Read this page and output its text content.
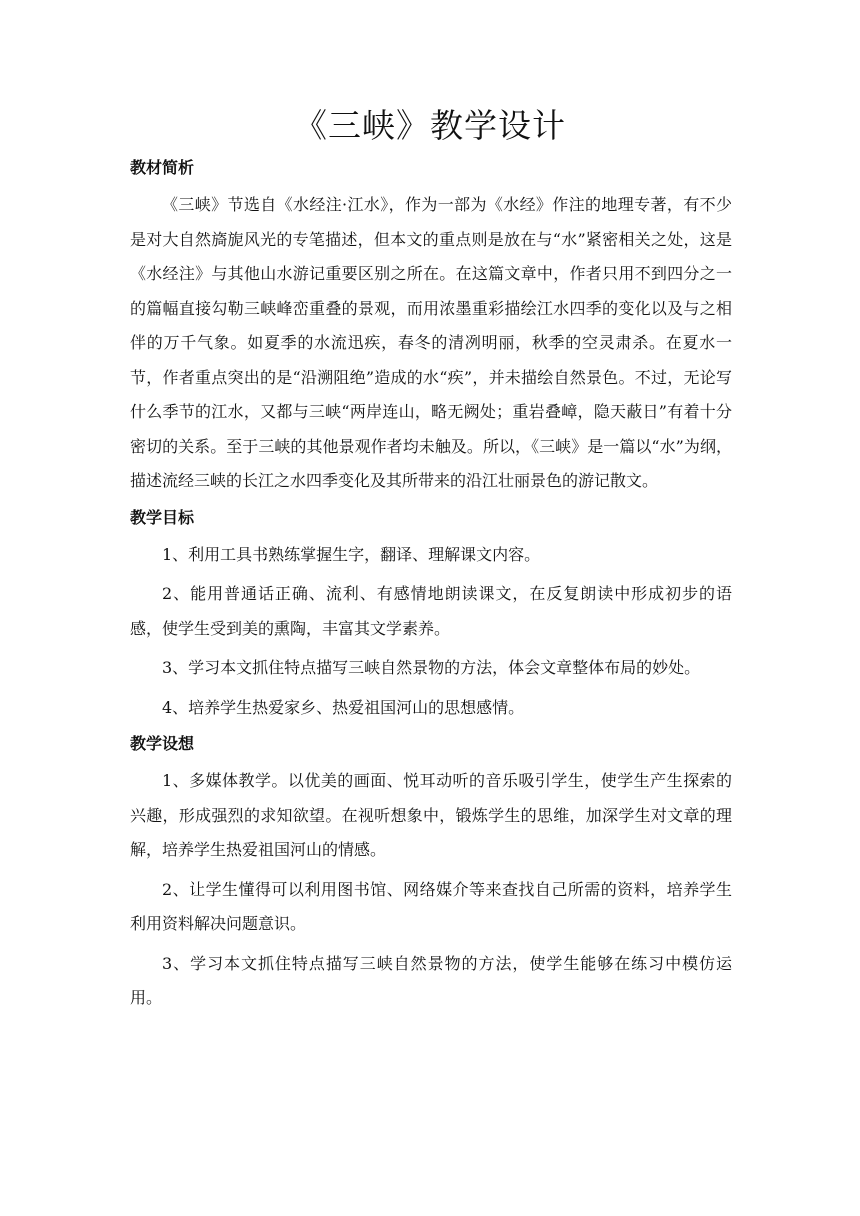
《三峡》教学设计
教材简析

《三峡》节选自《水经注·江水》，作为一部为《水经》作注的地理专著，有不少是对大自然旖旎风光的专笔描述，但本文的重点则是放在与“水”紧密相关之处，这是《水经注》与其他山水游记重要区别之所在。在这篇文章中，作者只用不到四分之一的篇幅直接勾勒三峡峰峦重叠的景观，而用浓墨重彩描绘江水四季的变化以及与之相伴的万千气象。如夏季的水流迅疾，春冬的清冽明丽，秋季的空灵肃杀。在夏水一节，作者重点突出的是“沿溯阻绝”造成的水“疾”，并未描绘自然景色。不过，无论写什么季节的江水，又都与三峡“两岸连山，略无阙处；重岩叠嶂，隐天蔽日”有着十分密切的关系。至于三峡的其他景观作者均未触及。所以，《三峡》是一篇以“水”为纲，描述流经三峡的长江之水四季变化及其所带来的沿江壮丽景色的游记散文。

教学目标

1、利用工具书熟练掌握生字，翻译、理解课文内容。

2、能用普通话正确、流利、有感情地朗读课文，在反复朗读中形成初步的语感，使学生受到美的熏陶，丰富其文学素养。

3、学习本文抓住特点描写三峡自然景物的方法，体会文章整体布局的妙处。

4、培养学生热爱家乡、热爱祖国河山的思想感情。

教学设想

1、多媒体教学。以优美的画面、悦耳动听的音乐吸引学生，使学生产生探索的兴趣，形成强烈的求知欲望。在视听想象中，锻炼学生的思维，加深学生对文章的理解，培养学生热爱祖国河山的情感。

2、让学生懂得可以利用图书馆、网络媒介等来查找自己所需的资料，培养学生利用资料解决问题意识。

3、学习本文抓住特点描写三峡自然景物的方法，使学生能够在练习中模仿运用。
